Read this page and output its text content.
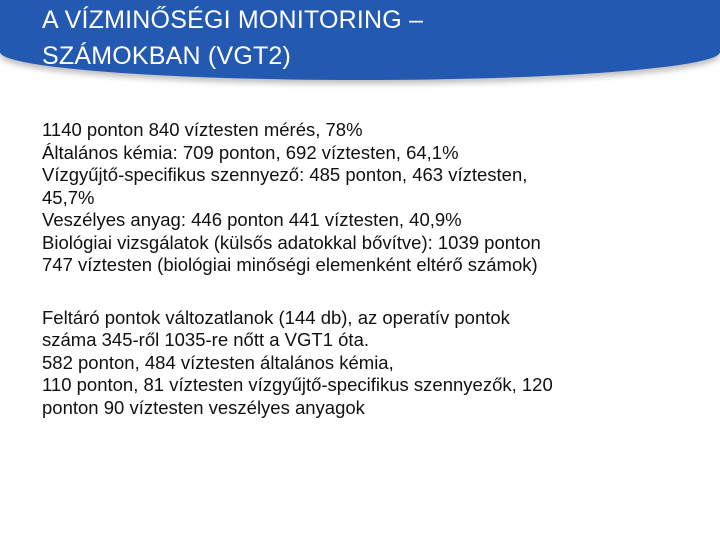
A VÍZMINŐSÉGI MONITORING –
SZÁMOKBAN (VGT2)

1140 ponton 840 víztesten mérés, 78%
Általános kémia: 709 ponton, 692 víztesten, 64,1%
Vízgyűjtő-specifikus szennyező: 485 ponton, 463 víztesten,
45,7%
Veszélyes anyag: 446 ponton 441 víztesten, 40,9%
Biológiai vizsgálatok (külsős adatokkal bővítve): 1039 ponton
747 víztesten (biológiai minőségi elemenként eltérő számok)

Feltáró pontok változatlanok (144 db), az operatív pontok
száma 345-ről 1035-re nőtt a VGT1 óta.
582 ponton, 484 víztesten általános kémia,
110 ponton, 81 víztesten vízgyűjtő-specifikus szennyezők, 120
ponton 90 víztesten veszélyes anyagok
